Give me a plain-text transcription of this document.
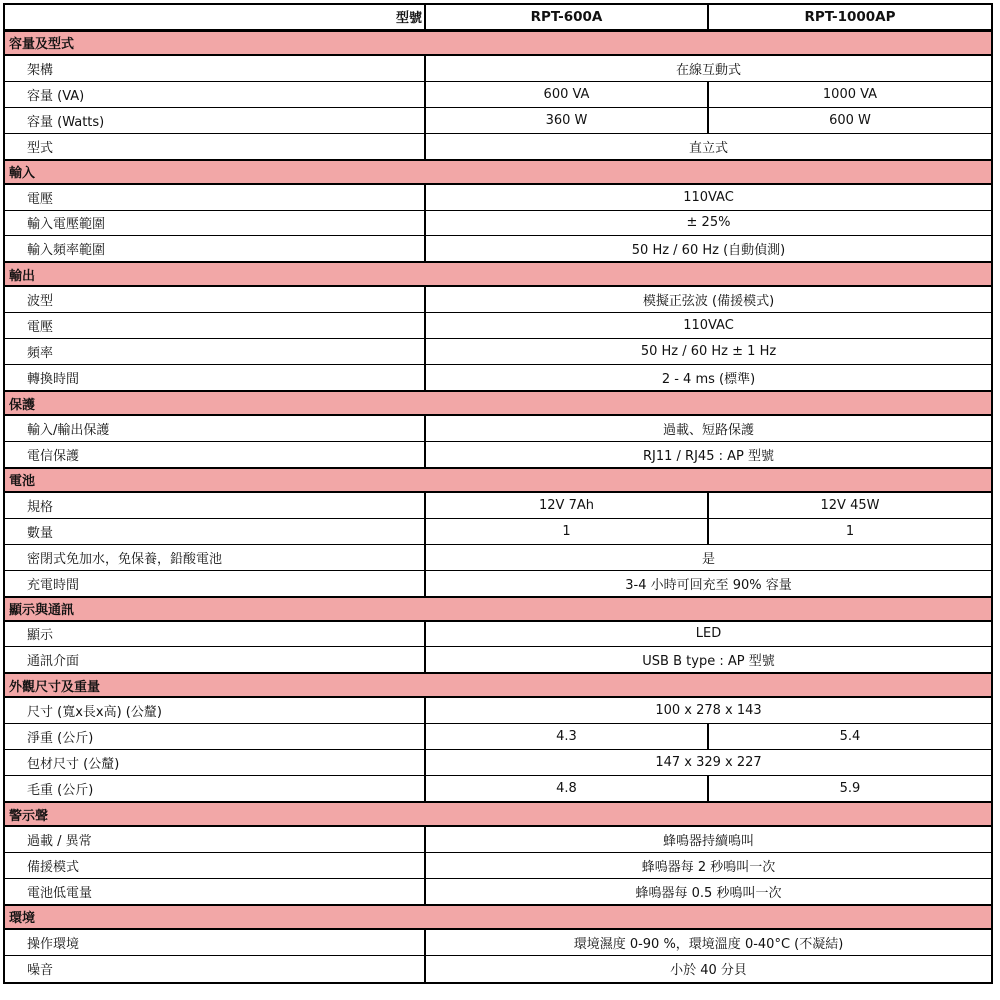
型號	RPT-600A	RPT-1000AP
容量及型式
架構	在線互動式
容量 (VA)	600 VA	1000 VA
容量 (Watts)	360 W	600 W
型式	直立式
輸入
電壓	110VAC
輸入電壓範圍	± 25%
輸入頻率範圍	50 Hz / 60 Hz (自動偵測)
輸出
波型	模擬正弦波 (備援模式)
電壓	110VAC
頻率	50 Hz / 60 Hz ± 1 Hz
轉換時間	2 - 4 ms (標準)
保護
輸入/輸出保護	過載、短路保護
電信保護	RJ11 / RJ45 : AP 型號
電池
規格	12V 7Ah	12V 45W
數量	1	1
密閉式免加水，免保養，鉛酸電池	是
充電時間	3-4 小時可回充至 90% 容量
顯示與通訊
顯示	LED
通訊介面	USB B type : AP 型號
外觀尺寸及重量
尺寸 (寬x長x高) (公釐)	100 x 278 x 143
淨重 (公斤)	4.3	5.4
包材尺寸 (公釐)	147 x 329 x 227
毛重 (公斤)	4.8	5.9
警示聲
過載 / 異常	蜂鳴器持續鳴叫
備援模式	蜂鳴器每 2 秒鳴叫一次
電池低電量	蜂鳴器每 0.5 秒鳴叫一次
環境
操作環境	環境濕度 0-90 %，環境溫度 0-40°C (不凝結)
噪音	小於 40 分貝
